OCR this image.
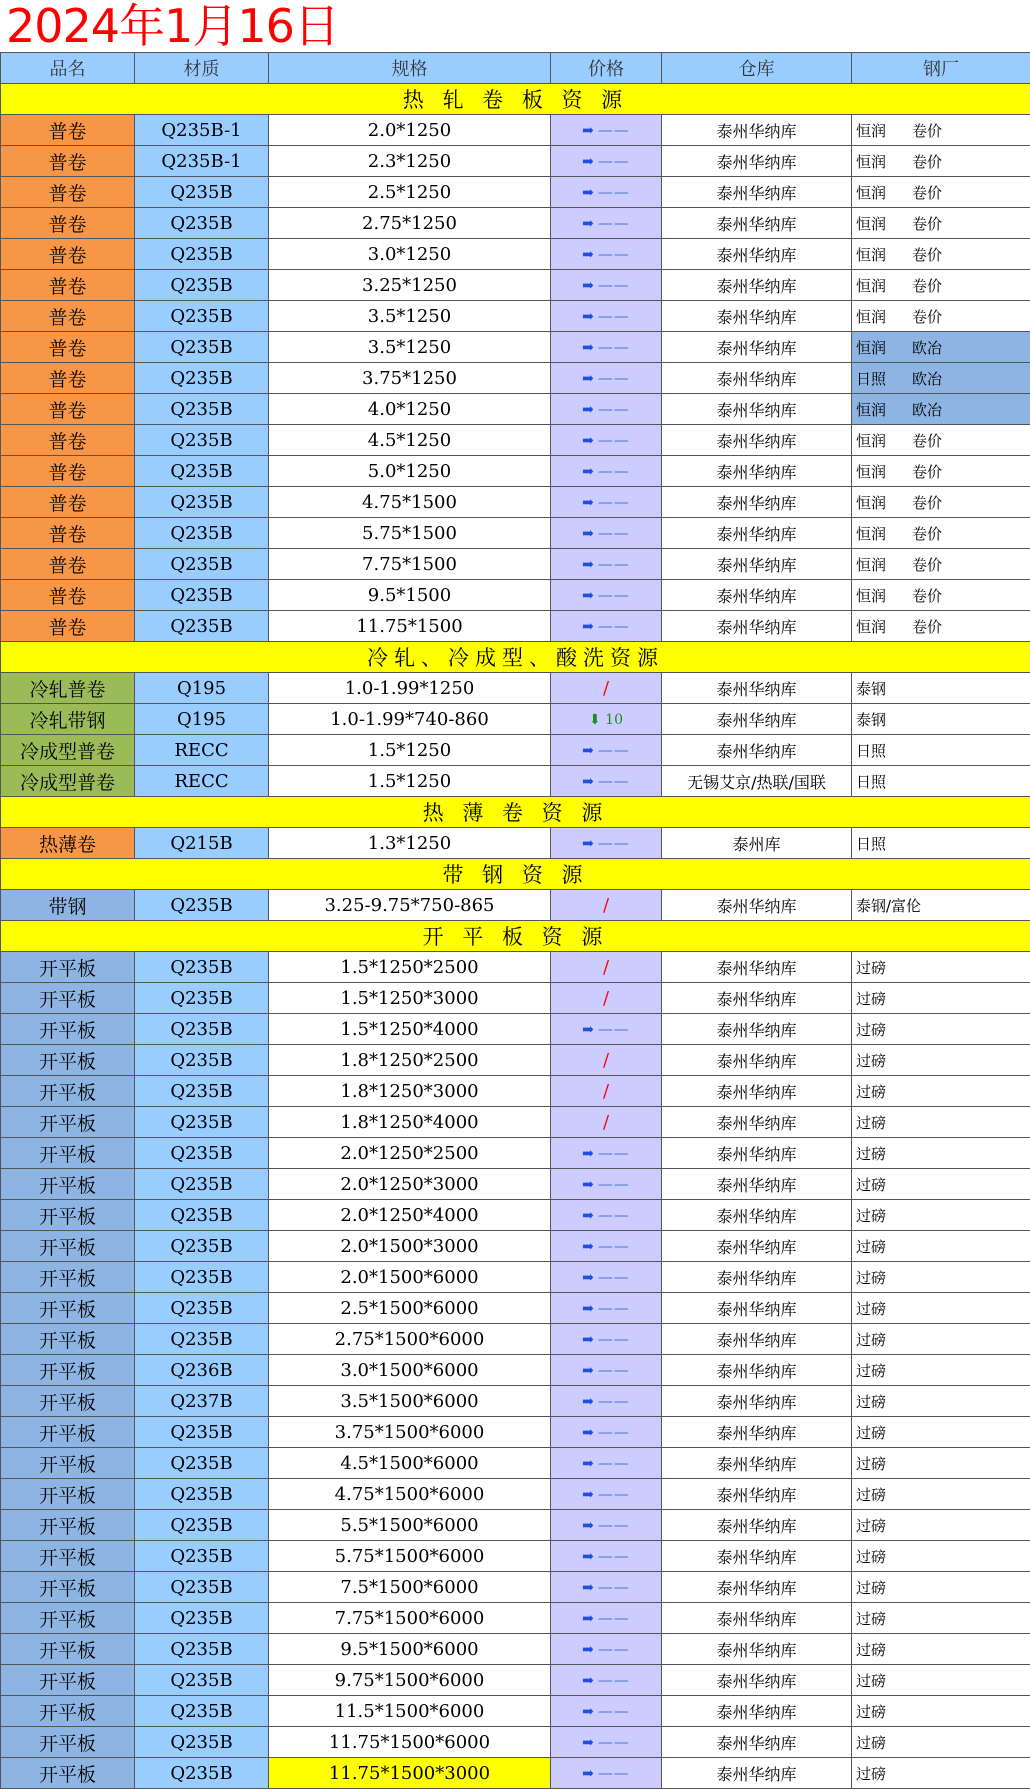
2024年1月16日
品名	材质	规格	价格	仓库	钢厂
热 轧 卷 板 资 源					
普卷	Q235B-1	2.0*1250	➡ ——	泰州华纳库	恒润 卷价
普卷	Q235B-1	2.3*1250	➡ ——	泰州华纳库	恒润 卷价
普卷	Q235B	2.5*1250	➡ ——	泰州华纳库	恒润 卷价
普卷	Q235B	2.75*1250	➡ ——	泰州华纳库	恒润 卷价
普卷	Q235B	3.0*1250	➡ ——	泰州华纳库	恒润 卷价
普卷	Q235B	3.25*1250	➡ ——	泰州华纳库	恒润 卷价
普卷	Q235B	3.5*1250	➡ ——	泰州华纳库	恒润 卷价
普卷	Q235B	3.5*1250	➡ ——	泰州华纳库	恒润 欧冶
普卷	Q235B	3.75*1250	➡ ——	泰州华纳库	日照 欧冶
普卷	Q235B	4.0*1250	➡ ——	泰州华纳库	恒润 欧冶
普卷	Q235B	4.5*1250	➡ ——	泰州华纳库	恒润 卷价
普卷	Q235B	5.0*1250	➡ ——	泰州华纳库	恒润 卷价
普卷	Q235B	4.75*1500	➡ ——	泰州华纳库	恒润 卷价
普卷	Q235B	5.75*1500	➡ ——	泰州华纳库	恒润 卷价
普卷	Q235B	7.75*1500	➡ ——	泰州华纳库	恒润 卷价
普卷	Q235B	9.5*1500	➡ ——	泰州华纳库	恒润 卷价
普卷	Q235B	11.75*1500	➡ ——	泰州华纳库	恒润 卷价
冷轧、冷成型、酸洗资源					
冷轧普卷	Q195	1.0-1.99*1250	/	泰州华纳库	泰钢
冷轧带钢	Q195	1.0-1.99*740-860	⬇ 10	泰州华纳库	泰钢
冷成型普卷	RECC	1.5*1250	➡ ——	泰州华纳库	日照
冷成型普卷	RECC	1.5*1250	➡ ——	无锡艾京/热联/国联	日照
热 薄 卷 资 源					
热薄卷	Q215B	1.3*1250	➡ ——	泰州库	日照
带 钢 资 源					
带钢	Q235B	3.25-9.75*750-865	/	泰州华纳库	泰钢/富伦
开 平 板 资 源					
开平板	Q235B	1.5*1250*2500	/	泰州华纳库	过磅
开平板	Q235B	1.5*1250*3000	/	泰州华纳库	过磅
开平板	Q235B	1.5*1250*4000	➡ ——	泰州华纳库	过磅
开平板	Q235B	1.8*1250*2500	/	泰州华纳库	过磅
开平板	Q235B	1.8*1250*3000	/	泰州华纳库	过磅
开平板	Q235B	1.8*1250*4000	/	泰州华纳库	过磅
开平板	Q235B	2.0*1250*2500	➡ ——	泰州华纳库	过磅
开平板	Q235B	2.0*1250*3000	➡ ——	泰州华纳库	过磅
开平板	Q235B	2.0*1250*4000	➡ ——	泰州华纳库	过磅
开平板	Q235B	2.0*1500*3000	➡ ——	泰州华纳库	过磅
开平板	Q235B	2.0*1500*6000	➡ ——	泰州华纳库	过磅
开平板	Q235B	2.5*1500*6000	➡ ——	泰州华纳库	过磅
开平板	Q235B	2.75*1500*6000	➡ ——	泰州华纳库	过磅
开平板	Q236B	3.0*1500*6000	➡ ——	泰州华纳库	过磅
开平板	Q237B	3.5*1500*6000	➡ ——	泰州华纳库	过磅
开平板	Q235B	3.75*1500*6000	➡ ——	泰州华纳库	过磅
开平板	Q235B	4.5*1500*6000	➡ ——	泰州华纳库	过磅
开平板	Q235B	4.75*1500*6000	➡ ——	泰州华纳库	过磅
开平板	Q235B	5.5*1500*6000	➡ ——	泰州华纳库	过磅
开平板	Q235B	5.75*1500*6000	➡ ——	泰州华纳库	过磅
开平板	Q235B	7.5*1500*6000	➡ ——	泰州华纳库	过磅
开平板	Q235B	7.75*1500*6000	➡ ——	泰州华纳库	过磅
开平板	Q235B	9.5*1500*6000	➡ ——	泰州华纳库	过磅
开平板	Q235B	9.75*1500*6000	➡ ——	泰州华纳库	过磅
开平板	Q235B	11.5*1500*6000	➡ ——	泰州华纳库	过磅
开平板	Q235B	11.75*1500*6000	➡ ——	泰州华纳库	过磅
开平板	Q235B	11.75*1500*3000	➡ ——	泰州华纳库	过磅
